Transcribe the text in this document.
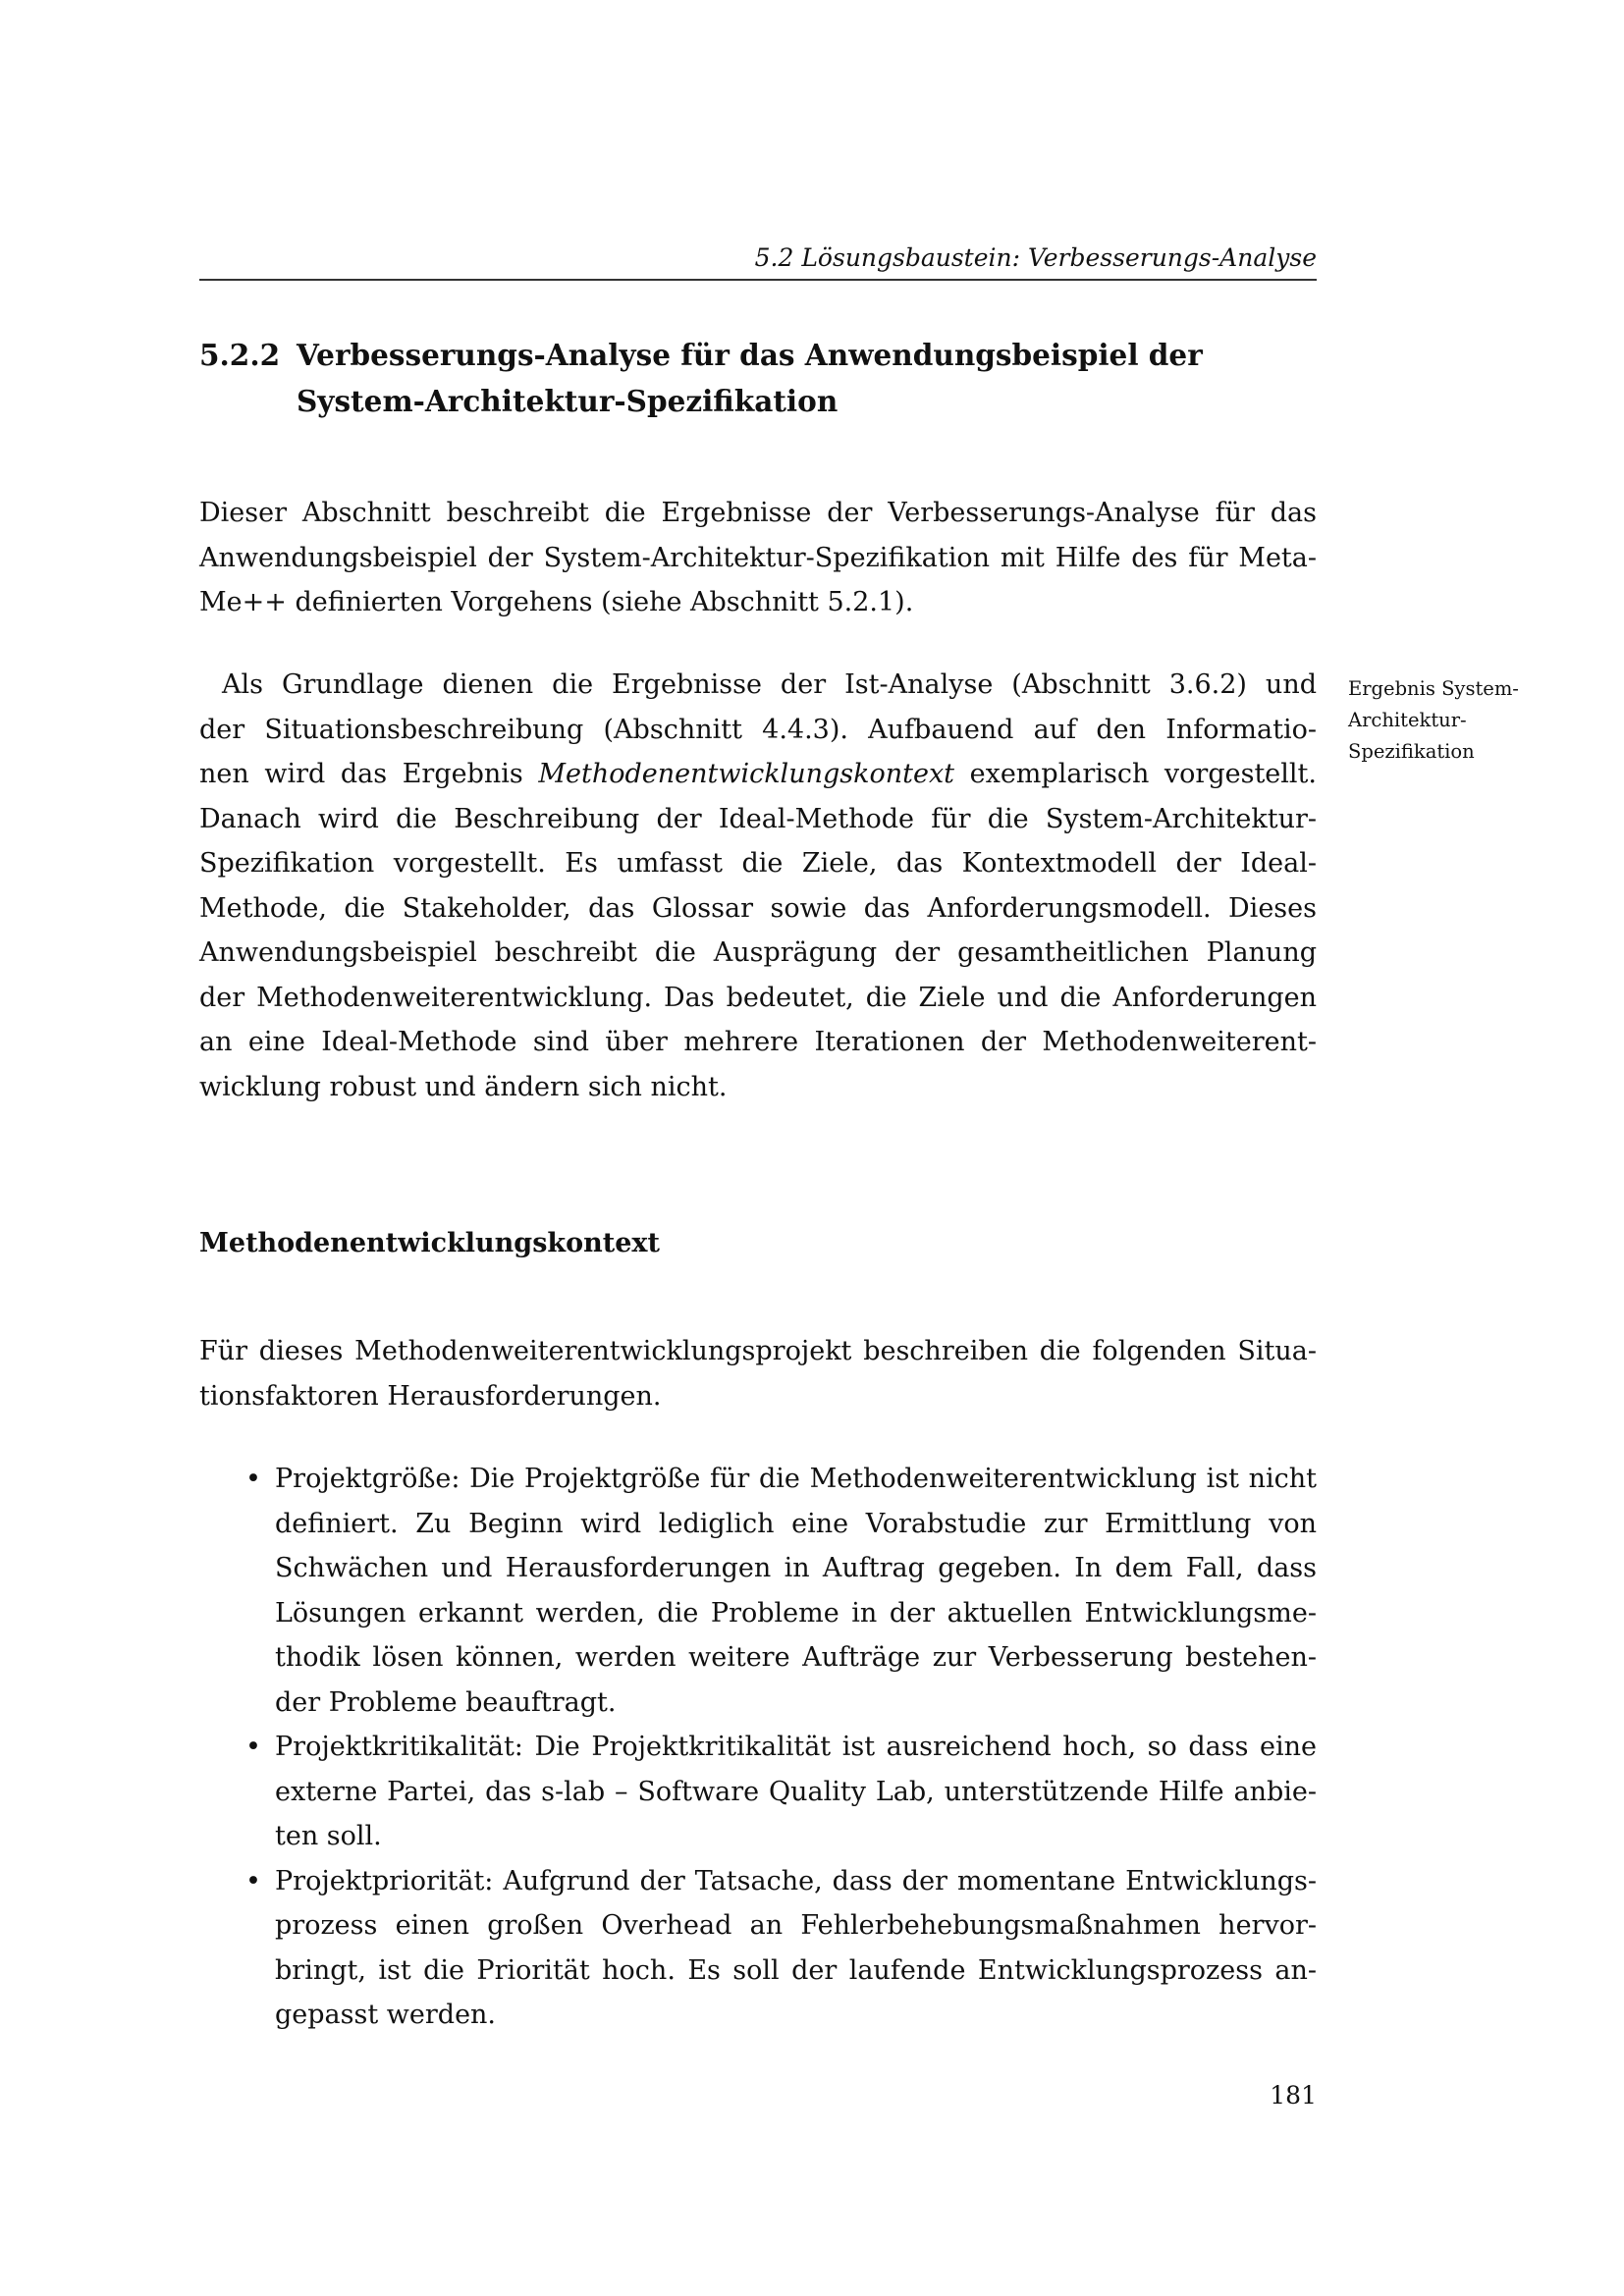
5.2 Lösungsbaustein: Verbesserungs-Analyse
5.2.2 Verbesserungs-Analyse für das Anwendungsbeispiel der
System-Architektur-Spezifikation
Dieser Abschnitt beschreibt die Ergebnisse der Verbesserungs-Analyse für das
Anwendungsbeispiel der System-Architektur-Spezifikation mit Hilfe des für Meta-
Me++ definierten Vorgehens (siehe Abschnitt 5.2.1).
Als Grundlage dienen die Ergebnisse der Ist-Analyse (Abschnitt 3.6.2) und
der Situationsbeschreibung (Abschnitt 4.4.3). Aufbauend auf den Informatio-
nen wird das Ergebnis Methodenentwicklungskontext exemplarisch vorgestellt.
Danach wird die Beschreibung der Ideal-Methode für die System-Architektur-
Spezifikation vorgestellt. Es umfasst die Ziele, das Kontextmodell der Ideal-
Methode, die Stakeholder, das Glossar sowie das Anforderungsmodell. Dieses
Anwendungsbeispiel beschreibt die Ausprägung der gesamtheitlichen Planung
der Methodenweiterentwicklung. Das bedeutet, die Ziele und die Anforderungen
an eine Ideal-Methode sind über mehrere Iterationen der Methodenweiterent-
wicklung robust und ändern sich nicht.
Ergebnis System-
Architektur-
Spezifikation
Methodenentwicklungskontext
Für dieses Methodenweiterentwicklungsprojekt beschreiben die folgenden Situa-
tionsfaktoren Herausforderungen.
• Projektgröße: Die Projektgröße für die Methodenweiterentwicklung ist nicht
definiert. Zu Beginn wird lediglich eine Vorabstudie zur Ermittlung von
Schwächen und Herausforderungen in Auftrag gegeben. In dem Fall, dass
Lösungen erkannt werden, die Probleme in der aktuellen Entwicklungsme-
thodik lösen können, werden weitere Aufträge zur Verbesserung bestehen-
der Probleme beauftragt.
• Projektkritikalität: Die Projektkritikalität ist ausreichend hoch, so dass eine
externe Partei, das s-lab – Software Quality Lab, unterstützende Hilfe anbie-
ten soll.
• Projektpriorität: Aufgrund der Tatsache, dass der momentane Entwicklungs-
prozess einen großen Overhead an Fehlerbehebungsmaßnahmen hervor-
bringt, ist die Priorität hoch. Es soll der laufende Entwicklungsprozess an-
gepasst werden.
181
